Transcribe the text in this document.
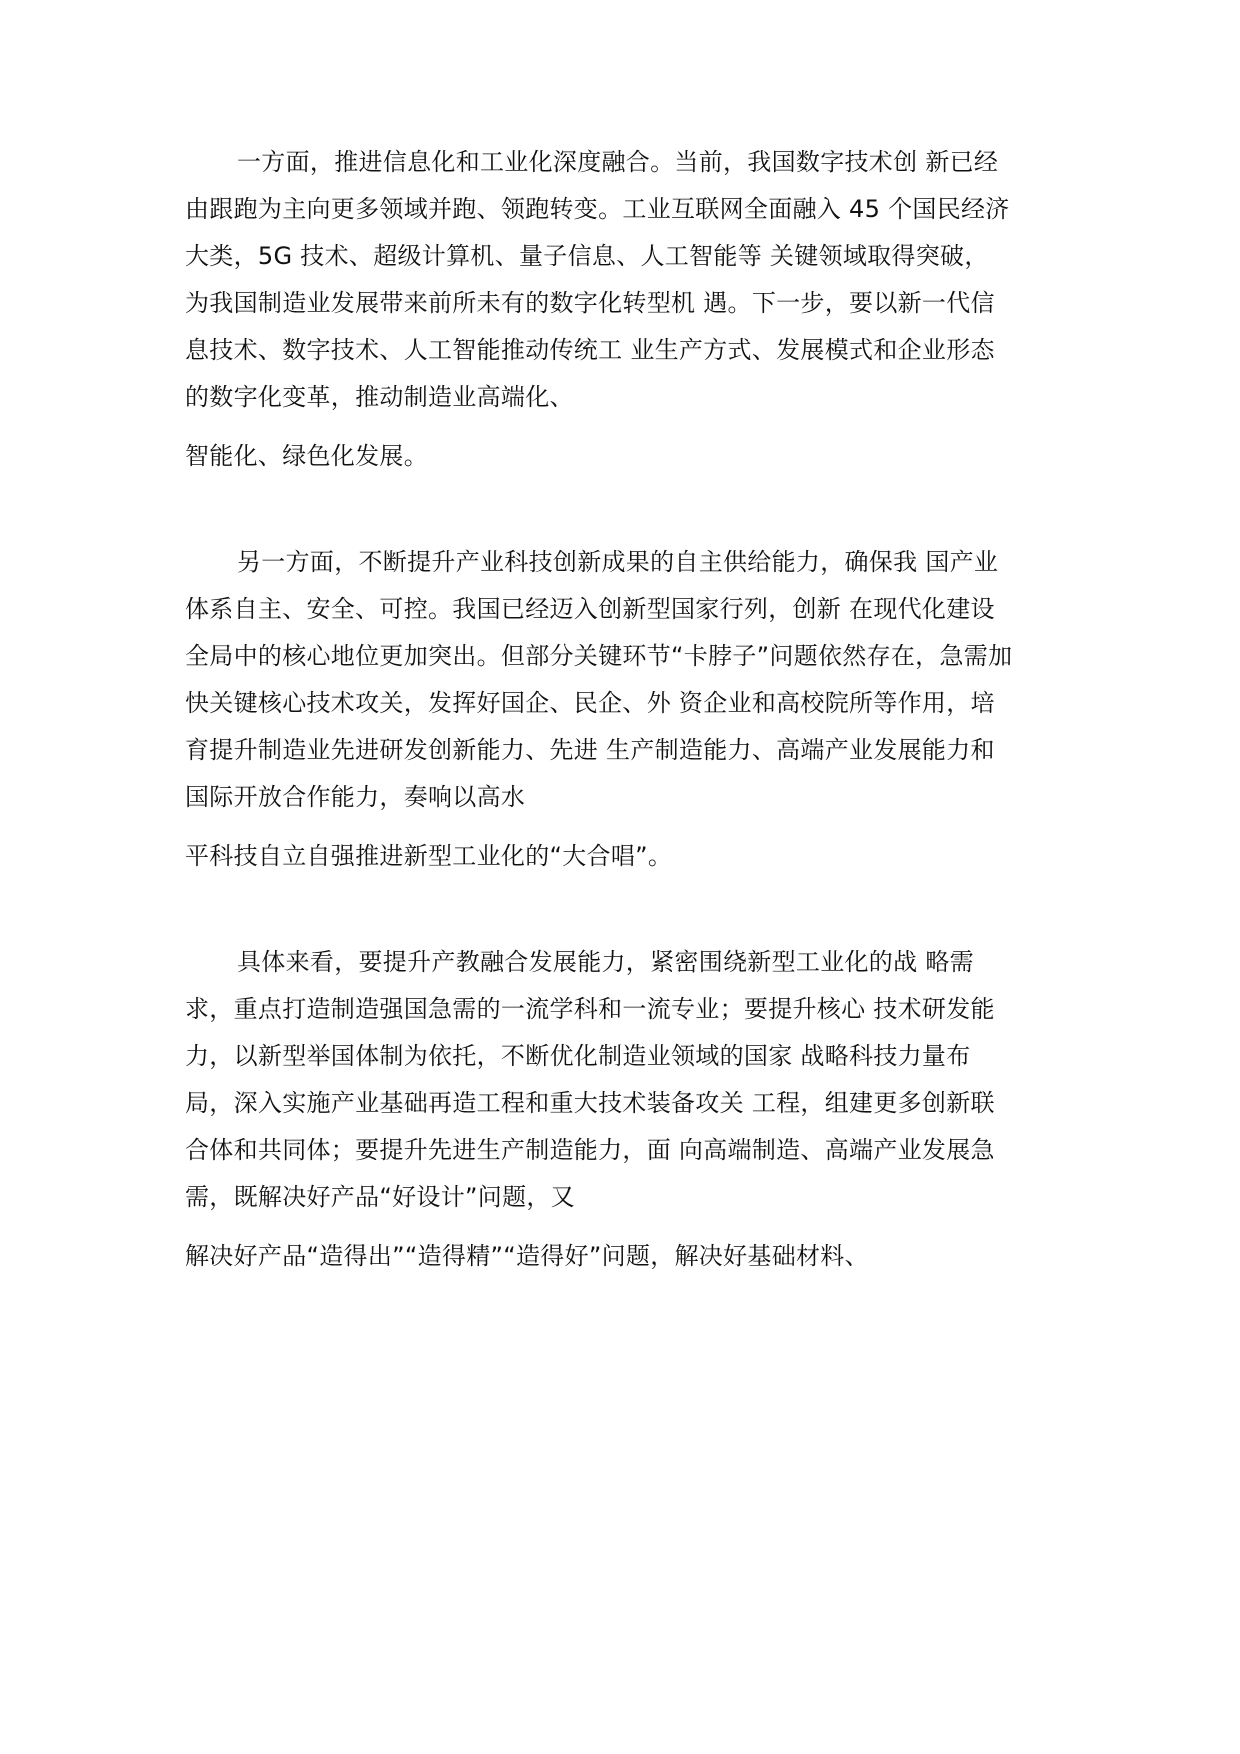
一方面，推进信息化和工业化深度融合。当前，我国数字技术创 新已经
由跟跑为主向更多领域并跑、领跑转变。工业互联网全面融入 45 个国民经济
大类，5G 技术、超级计算机、量子信息、人工智能等 关键领域取得突破，
为我国制造业发展带来前所未有的数字化转型机 遇。下一步，要以新一代信
息技术、数字技术、人工智能推动传统工 业生产方式、发展模式和企业形态
的数字化变革，推动制造业高端化、
智能化、绿色化发展。
另一方面，不断提升产业科技创新成果的自主供给能力，确保我 国产业
体系自主、安全、可控。我国已经迈入创新型国家行列，创新 在现代化建设
全局中的核心地位更加突出。但部分关键环节“卡脖子”问题依然存在，急需加
快关键核心技术攻关，发挥好国企、民企、外 资企业和高校院所等作用，培
育提升制造业先进研发创新能力、先进 生产制造能力、高端产业发展能力和
国际开放合作能力，奏响以高水
平科技自立自强推进新型工业化的“大合唱”。
具体来看，要提升产教融合发展能力，紧密围绕新型工业化的战 略需
求，重点打造制造强国急需的一流学科和一流专业；要提升核心 技术研发能
力，以新型举国体制为依托，不断优化制造业领域的国家 战略科技力量布
局，深入实施产业基础再造工程和重大技术装备攻关 工程，组建更多创新联
合体和共同体；要提升先进生产制造能力，面 向高端制造、高端产业发展急
需，既解决好产品“好设计”问题，又
解决好产品“造得出”“造得精”“造得好”问题，解决好基础材料、
